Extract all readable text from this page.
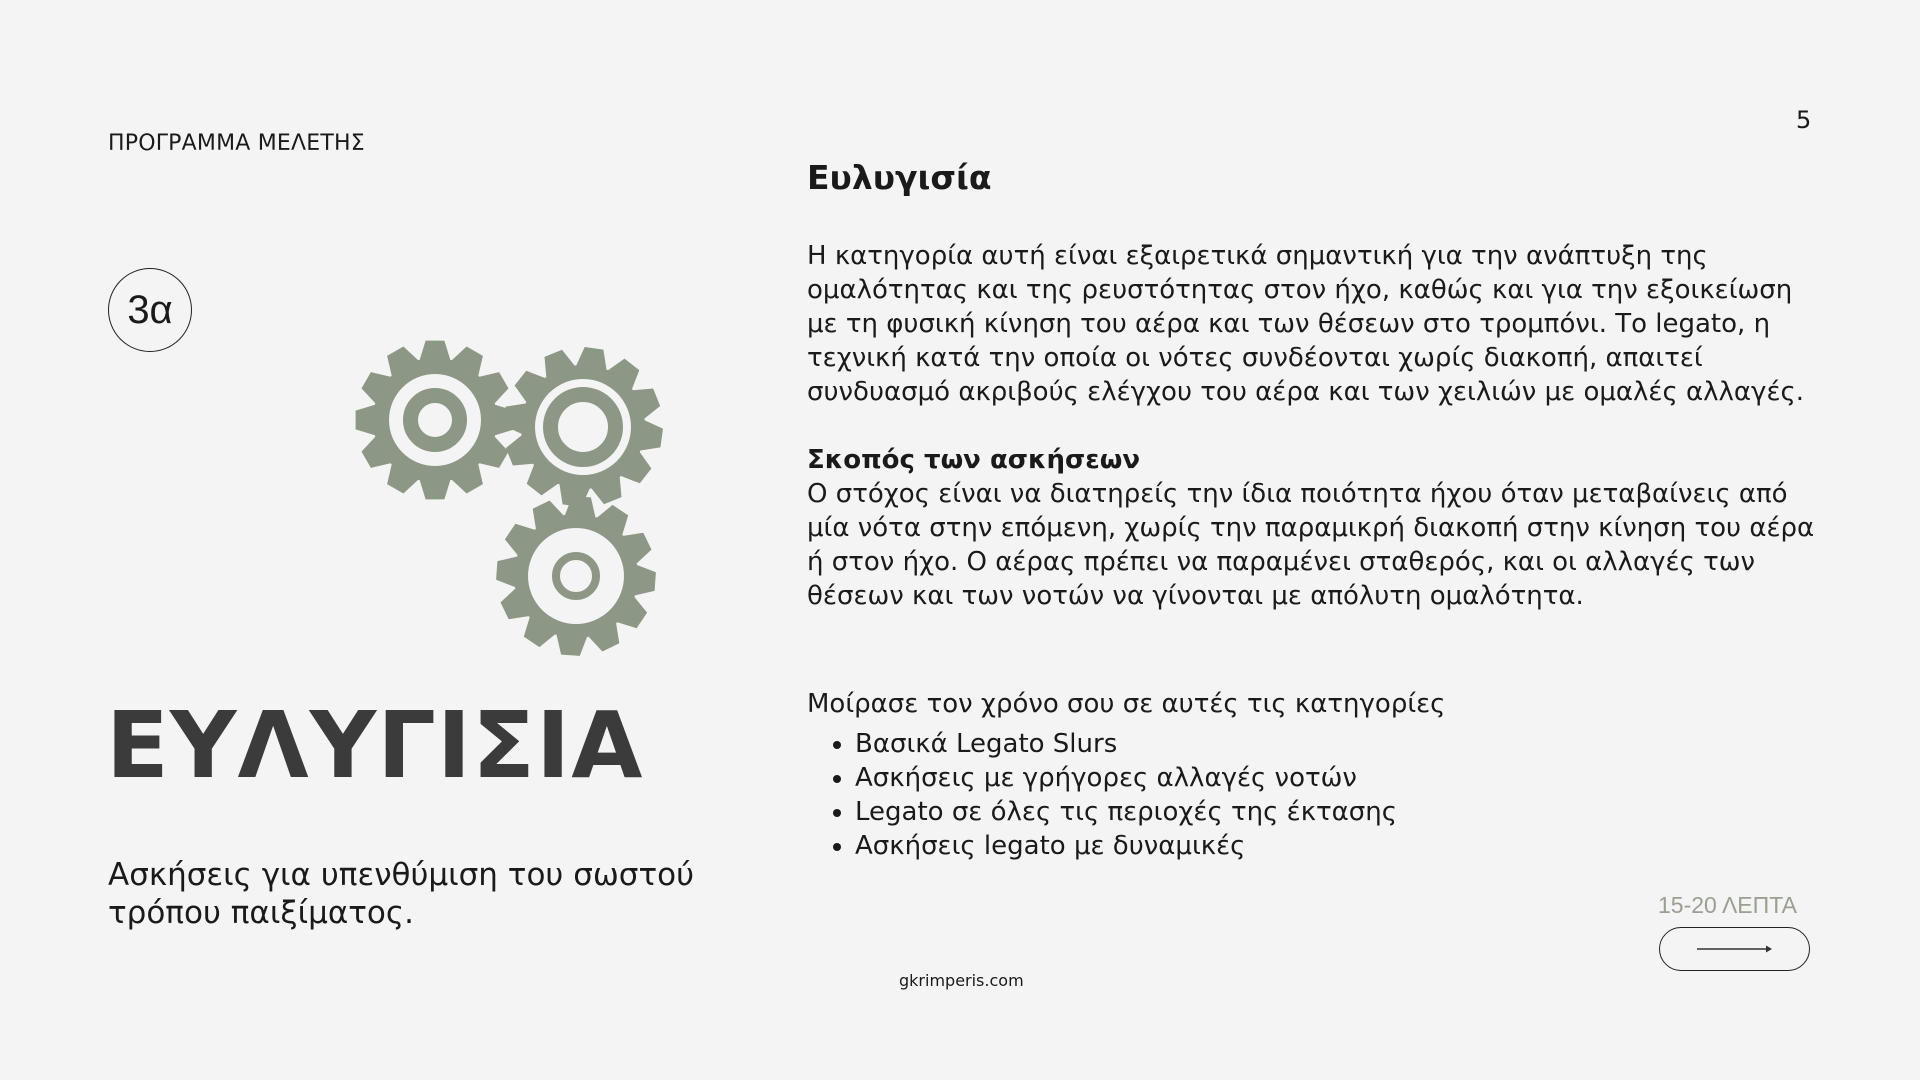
ΠΡΟΓΡΑΜΜΑ ΜΕΛΕΤΗΣ
5
3α
ΕΥΛΥΓΙΣΙΑ
Ασκήσεις για υπενθύμιση του σωστού τρόπου παιξίματος.
Ευλυγισία

Η κατηγορία αυτή είναι εξαιρετικά σημαντική για την ανάπτυξη της ομαλότητας και της ρευστότητας στον ήχο, καθώς και για την εξοικείωση με τη φυσική κίνηση του αέρα και των θέσεων στο τρομπόνι. Το legato, η τεχνική κατά την οποία οι νότες συνδέονται χωρίς διακοπή, απαιτεί συνδυασμό ακριβούς ελέγχου του αέρα και των χειλιών με ομαλές αλλαγές.

Σκοπός των ασκήσεων

Ο στόχος είναι να διατηρείς την ίδια ποιότητα ήχου όταν μεταβαίνεις από μία νότα στην επόμενη, χωρίς την παραμικρή διακοπή στην κίνηση του αέρα ή στον ήχο. Ο αέρας πρέπει να παραμένει σταθερός, και οι αλλαγές των θέσεων και των νοτών να γίνονται με απόλυτη ομαλότητα.

Μοίρασε τον χρόνο σου σε αυτές τις κατηγορίες
• Βασικά Legato Slurs
• Ασκήσεις με γρήγορες αλλαγές νοτών
• Legato σε όλες τις περιοχές της έκτασης
• Ασκήσεις legato με δυναμικές
15-20 ΛΕΠΤΑ
gkrimperis.com
